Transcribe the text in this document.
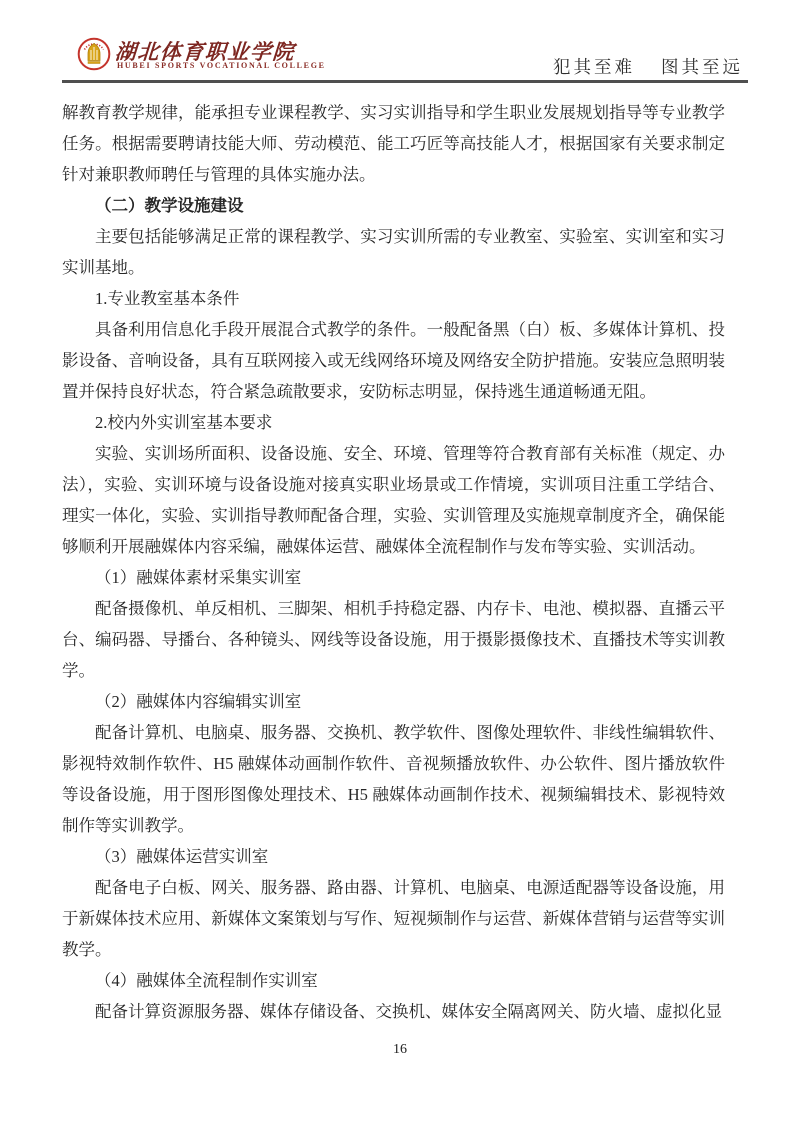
湖北体育职业学院
HUBEI SPORTS VOCATIONAL COLLEGE	犯其至难 图其至远

解教育教学规律，能承担专业课程教学、实习实训指导和学生职业发展规划指导等专业教学任务。根据需要聘请技能大师、劳动模范、能工巧匠等高技能人才，根据国家有关要求制定针对兼职教师聘任与管理的具体实施办法。

（二）教学设施建设

主要包括能够满足正常的课程教学、实习实训所需的专业教室、实验室、实训室和实习实训基地。

1.专业教室基本条件

具备利用信息化手段开展混合式教学的条件。一般配备黑（白）板、多媒体计算机、投影设备、音响设备，具有互联网接入或无线网络环境及网络安全防护措施。安装应急照明装置并保持良好状态，符合紧急疏散要求，安防标志明显，保持逃生通道畅通无阻。

2.校内外实训室基本要求

实验、实训场所面积、设备设施、安全、环境、管理等符合教育部有关标准（规定、办法），实验、实训环境与设备设施对接真实职业场景或工作情境，实训项目注重工学结合、理实一体化，实验、实训指导教师配备合理，实验、实训管理及实施规章制度齐全，确保能够顺利开展融媒体内容采编，融媒体运营、融媒体全流程制作与发布等实验、实训活动。

（1）融媒体素材采集实训室

配备摄像机、单反相机、三脚架、相机手持稳定器、内存卡、电池、模拟器、直播云平台、编码器、导播台、各种镜头、网线等设备设施，用于摄影摄像技术、直播技术等实训教学。

（2）融媒体内容编辑实训室

配备计算机、电脑桌、服务器、交换机、教学软件、图像处理软件、非线性编辑软件、影视特效制作软件、H5 融媒体动画制作软件、音视频播放软件、办公软件、图片播放软件等设备设施，用于图形图像处理技术、H5 融媒体动画制作技术、视频编辑技术、影视特效制作等实训教学。

（3）融媒体运营实训室

配备电子白板、网关、服务器、路由器、计算机、电脑桌、电源适配器等设备设施，用于新媒体技术应用、新媒体文案策划与写作、短视频制作与运营、新媒体营销与运营等实训教学。

（4）融媒体全流程制作实训室

配备计算资源服务器、媒体存储设备、交换机、媒体安全隔离网关、防火墙、虚拟化显

16
